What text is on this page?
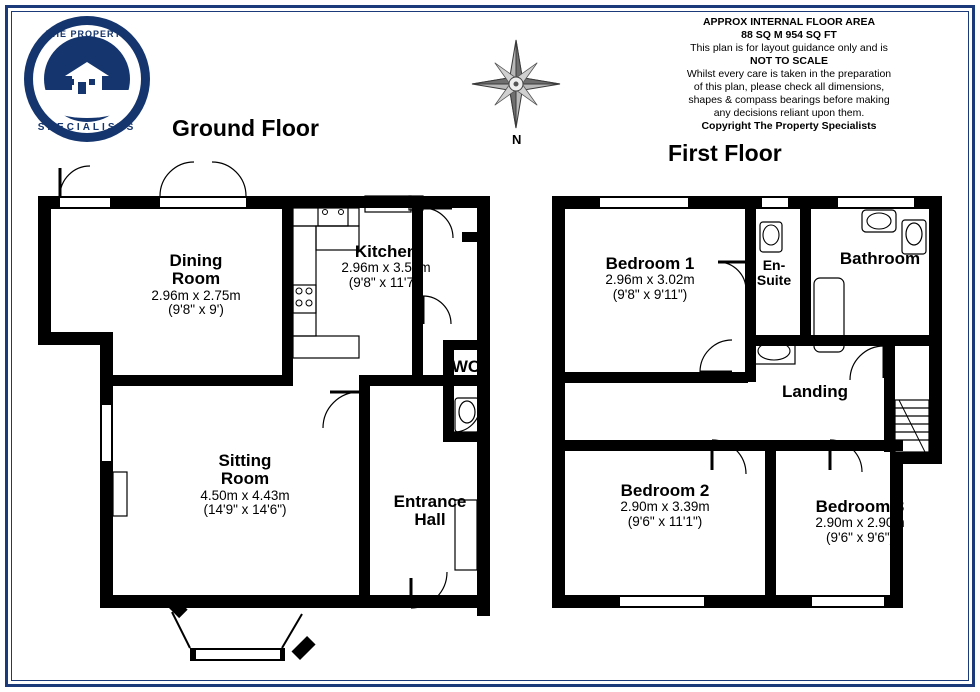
THE PROPERTY
SPECIALISTS
APPROX INTERNAL FLOOR AREA
88 SQ M 954 SQ FT
This plan is for layout guidance only and is
NOT TO SCALE
Whilst every care is taken in the preparation
of this plan, please check all dimensions,
shapes & compass bearings before making
any decisions reliant upon them.
Copyright The Property Specialists
N
Ground Floor
First Floor
Dining
Room
2.96m x 2.75m
(9'8" x 9')
Kitchen
2.96m x 3.54m
(9'8" x 11'7")
WC
Sitting
Room
4.50m x 4.43m
(14'9" x 14'6")	Entrance
Hall
Bedroom 1
2.96m x 3.02m
(9'8" x 9'11")
En-
Suite
Bathroom
Landing
Bedroom 2
2.90m x 3.39m
(9'6" x 11'1")
Bedroom 3
2.90m x 2.90m
(9'6" x 9'6")
